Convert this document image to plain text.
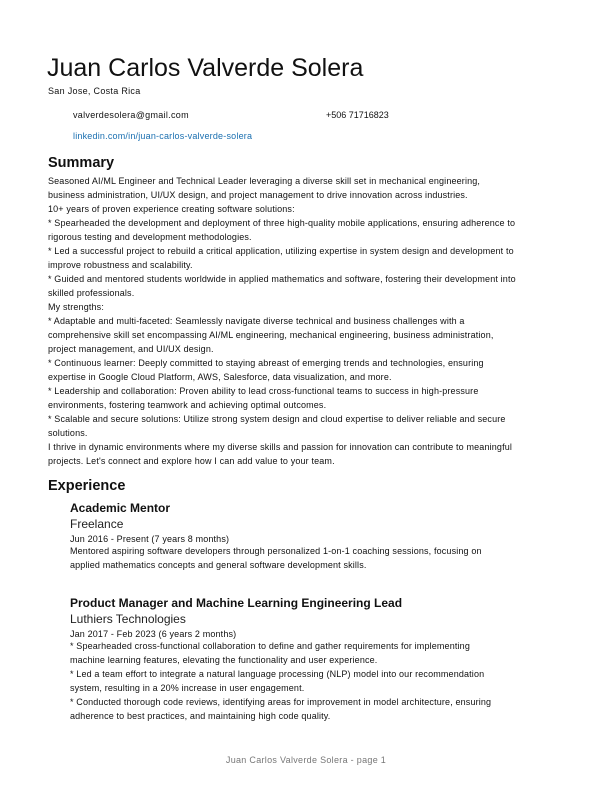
Juan Carlos Valverde Solera
San Jose, Costa Rica
valverdesolera@gmail.com	+506 71716823
linkedin.com/in/juan-carlos-valverde-solera
Summary
Seasoned AI/ML Engineer and Technical Leader leveraging a diverse skill set in mechanical engineering,
business administration, UI/UX design, and project management to drive innovation across industries.
10+ years of proven experience creating software solutions:
* Spearheaded the development and deployment of three high-quality mobile applications, ensuring adherence to
rigorous testing and development methodologies.
* Led a successful project to rebuild a critical application, utilizing expertise in system design and development to
improve robustness and scalability.
* Guided and mentored students worldwide in applied mathematics and software, fostering their development into
skilled professionals.
My strengths:
* Adaptable and multi-faceted: Seamlessly navigate diverse technical and business challenges with a
comprehensive skill set encompassing AI/ML engineering, mechanical engineering, business administration,
project management, and UI/UX design.
* Continuous learner: Deeply committed to staying abreast of emerging trends and technologies, ensuring
expertise in Google Cloud Platform, AWS, Salesforce, data visualization, and more.
* Leadership and collaboration: Proven ability to lead cross-functional teams to success in high-pressure
environments, fostering teamwork and achieving optimal outcomes.
* Scalable and secure solutions: Utilize strong system design and cloud expertise to deliver reliable and secure
solutions.
I thrive in dynamic environments where my diverse skills and passion for innovation can contribute to meaningful
projects. Let's connect and explore how I can add value to your team.
Experience
Academic Mentor
Freelance
Jun 2016 - Present (7 years 8 months)
Mentored aspiring software developers through personalized 1-on-1 coaching sessions, focusing on
applied mathematics concepts and general software development skills.
Product Manager and Machine Learning Engineering Lead
Luthiers Technologies
Jan 2017 - Feb 2023 (6 years 2 months)
* Spearheaded cross-functional collaboration to define and gather requirements for implementing
machine learning features, elevating the functionality and user experience.
* Led a team effort to integrate a natural language processing (NLP) model into our recommendation
system, resulting in a 20% increase in user engagement.
* Conducted thorough code reviews, identifying areas for improvement in model architecture, ensuring
adherence to best practices, and maintaining high code quality.
Juan Carlos Valverde Solera - page 1
